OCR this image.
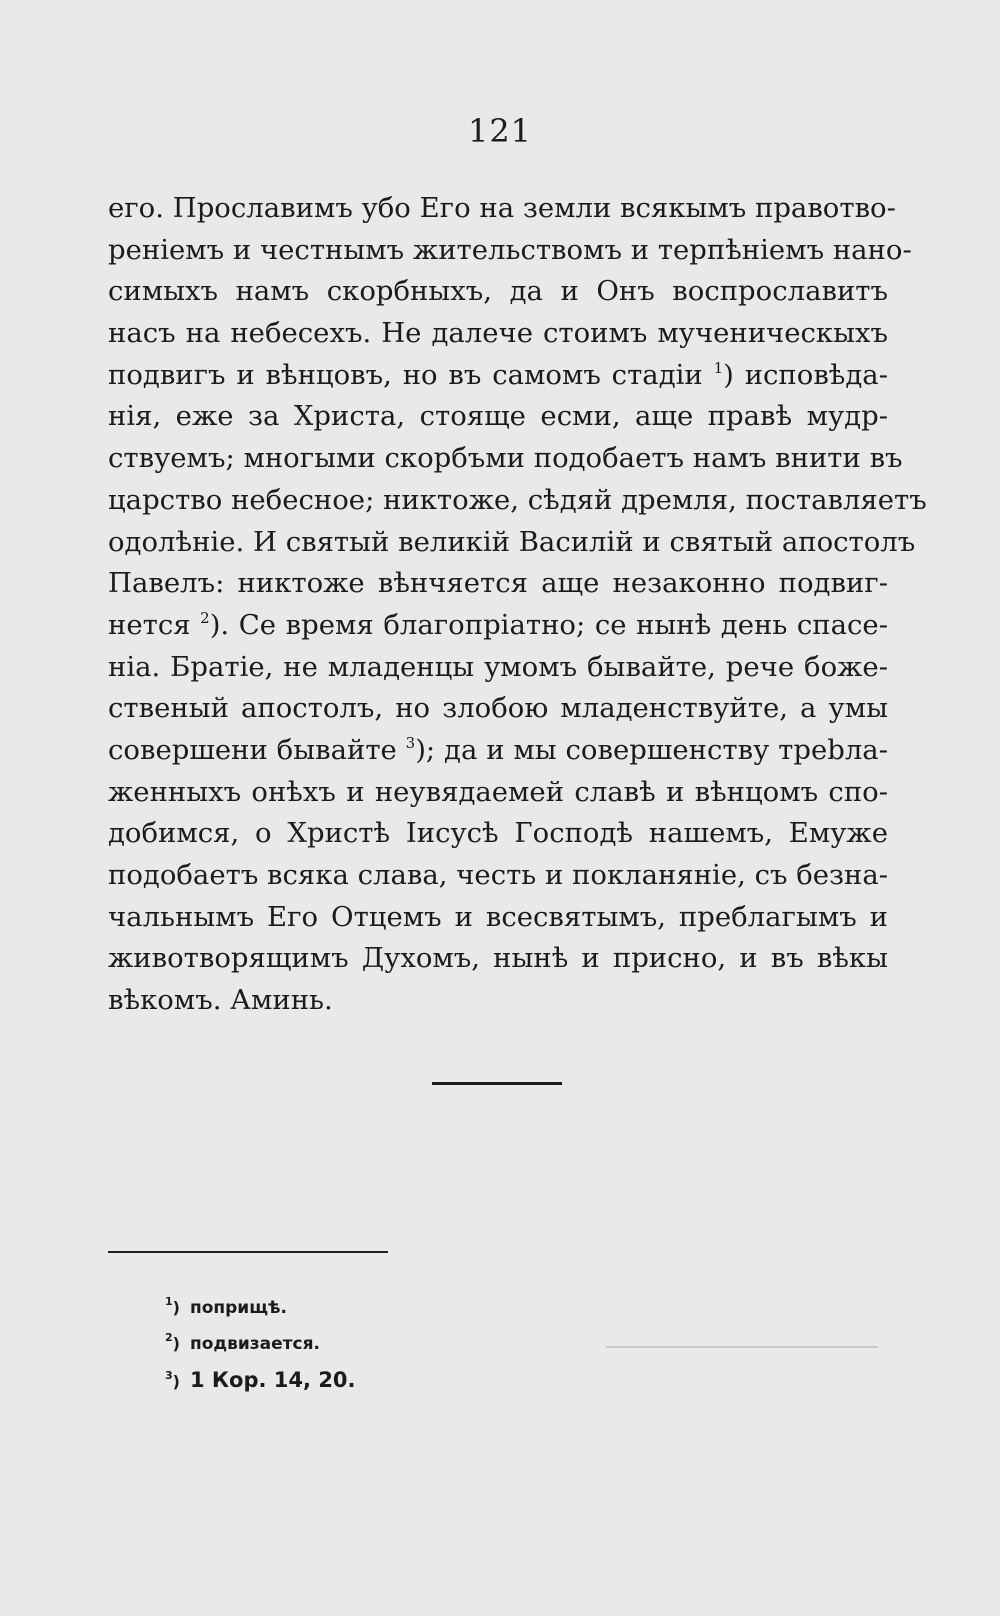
121
его. Прославимъ убо Его на земли всякымъ правотво-
реніемъ и честнымъ жительствомъ и терпѣніемъ нано-
симыхъ намъ скорбныхъ, да и Онъ воспрославитъ
насъ на небесехъ. Не далече стоимъ мученическыхъ
подвигъ и вѣнцовъ, но въ самомъ стадіи $^1$) исповѣда-
нія, еже за Христа, стояще есми, аще правѣ мудр-
ствуемъ; многыми скорбъми подобаетъ намъ внити въ
царство небесное; никтоже, сѣдяй дремля, поставляетъ
одолѣніе. И святый великій Василій и святый апостолъ
Павелъ: никтоже вѣнчяется аще незаконно подвиг-
нется $^2$). Се время благопріатно; се нынѣ день спасе-
ніа. Братіе, не младенцы умомъ бывайте, рече боже-
ственый апостолъ, но злобою младенствуйте, а умы
совершени бывайте $^3$); да и мы совершенству трebла-
женныхъ онѣхъ и неувядаемей славѣ и вѣнцомъ спо-
добимся, о Христѣ Іисусѣ Господѣ нашемъ, Емуже
подобаетъ всяка слава, честь и покланяніе, съ безна-
чальнымъ Его Отцемъ и всесвятымъ, преблагымъ и
животворящимъ Духомъ, нынѣ и присно, и въ вѣкы
вѣкомъ. Аминь.
$^1$) поприщѣ.
$^2$) подвизается.
$^3$) 1 Кор. 14, 20.
